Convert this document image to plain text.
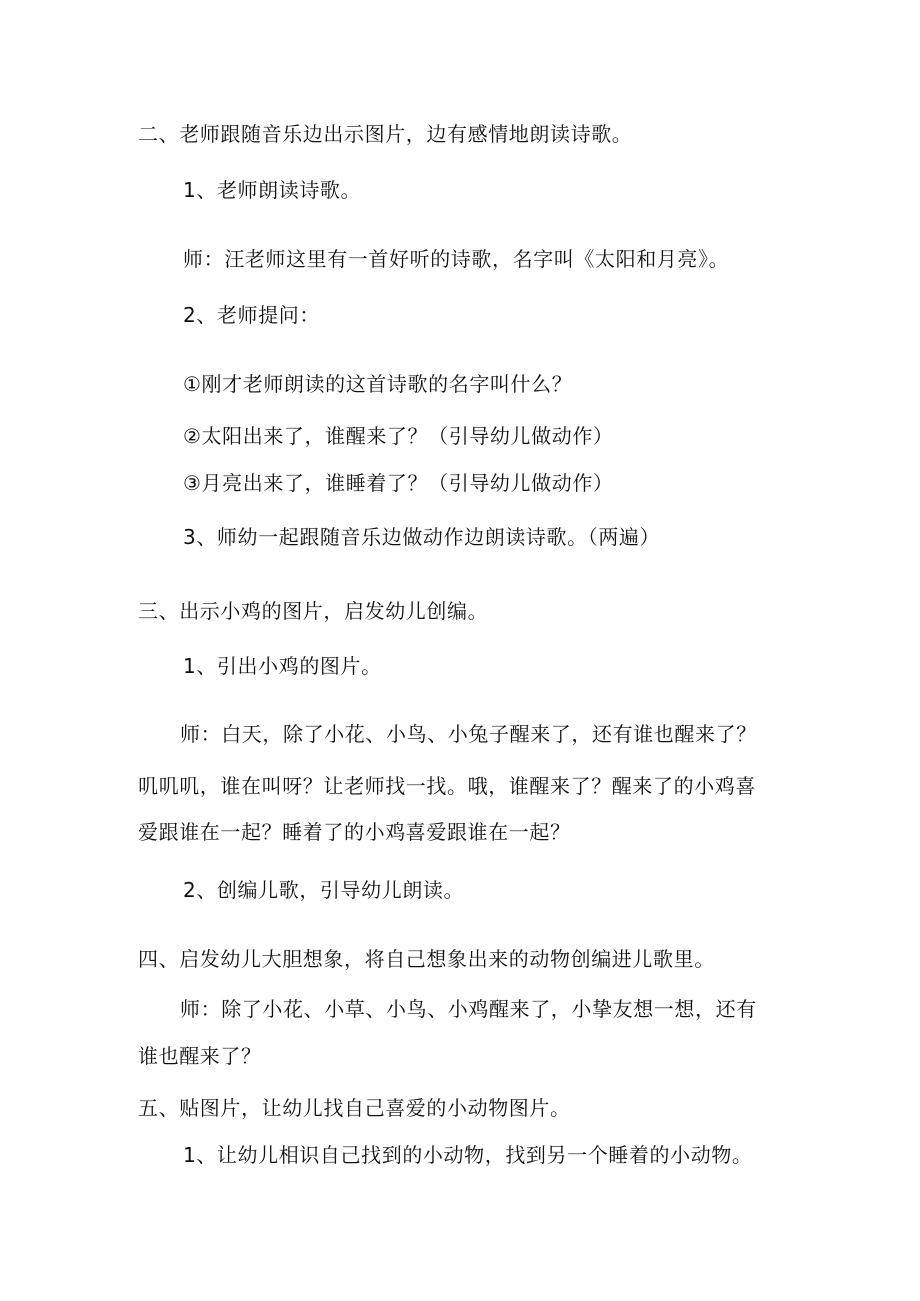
二、老师跟随音乐边出示图片，边有感情地朗读诗歌。
1、老师朗读诗歌。
师：汪老师这里有一首好听的诗歌，名字叫《太阳和月亮》。
2、老师提问：
①刚才老师朗读的这首诗歌的名字叫什么？
②太阳出来了，谁醒来了？（引导幼儿做动作）
③月亮出来了，谁睡着了？（引导幼儿做动作）
3、师幼一起跟随音乐边做动作边朗读诗歌。（两遍）
三、出示小鸡的图片，启发幼儿创编。
1、引出小鸡的图片。
师：白天，除了小花、小鸟、小兔子醒来了，还有谁也醒来了？
叽叽叽，谁在叫呀？让老师找一找。哦，谁醒来了？醒来了的小鸡喜
爱跟谁在一起？睡着了的小鸡喜爱跟谁在一起？
2、创编儿歌，引导幼儿朗读。
四、启发幼儿大胆想象，将自己想象出来的动物创编进儿歌里。
师：除了小花、小草、小鸟、小鸡醒来了，小挚友想一想，还有
谁也醒来了？
五、贴图片，让幼儿找自己喜爱的小动物图片。
1、让幼儿相识自己找到的小动物，找到另一个睡着的小动物。
